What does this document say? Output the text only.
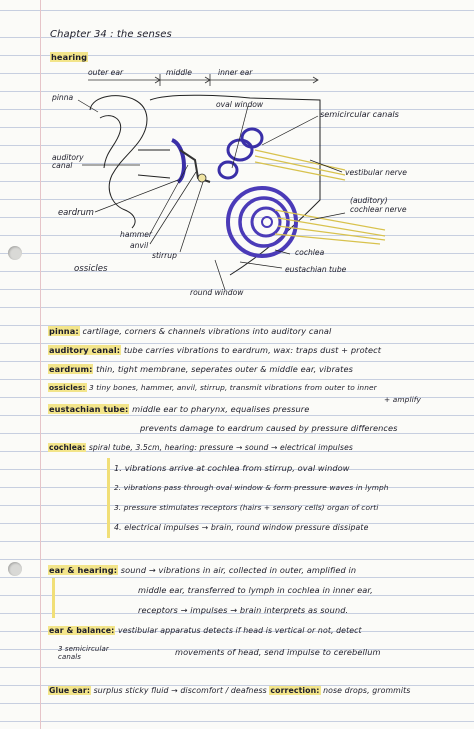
Chapter 34 : the senses
hearing
outer ear	middle	inner ear
pinna
auditory
canal
eardrum
hammer
anvil
stirrup
ossicles
round window
oval window
semicircular canals
vestibular nerve
(auditory)
cochlear nerve
cochlea
eustachian tube
pinna: cartilage, corners & channels vibrations into auditory canal
auditory canal: tube carries vibrations to eardrum, wax: traps dust + protect
eardrum: thin, tight membrane, seperates outer & middle ear, vibrates
ossicles: 3 tiny bones, hammer, anvil, stirrup, transmit vibrations from outer to inner
+ amplify
eustachian tube: middle ear to pharynx, equalises pressure
prevents damage to eardrum caused by pressure differences
cochlea: spiral tube, 3.5cm, hearing: pressure → sound → electrical impulses
1. vibrations arrive at cochlea from stirrup, oval window
2. vibrations pass through oval window & form pressure waves in lymph
3. pressure stimulates receptors (hairs + sensory cells) organ of corti
4. electrical impulses → brain, round window pressure dissipate
ear & hearing: sound → vibrations in air, collected in outer, amplified in
middle ear, transferred to lymph in cochlea in inner ear,
receptors → impulses → brain interprets as sound.
ear & balance: vestibular apparatus detects if head is vertical or not, detect
3 semicircular
canals	movements of head, send impulse to cerebellum
Glue ear: surplus sticky fluid → discomfort / deafness correction: nose drops, grommits
